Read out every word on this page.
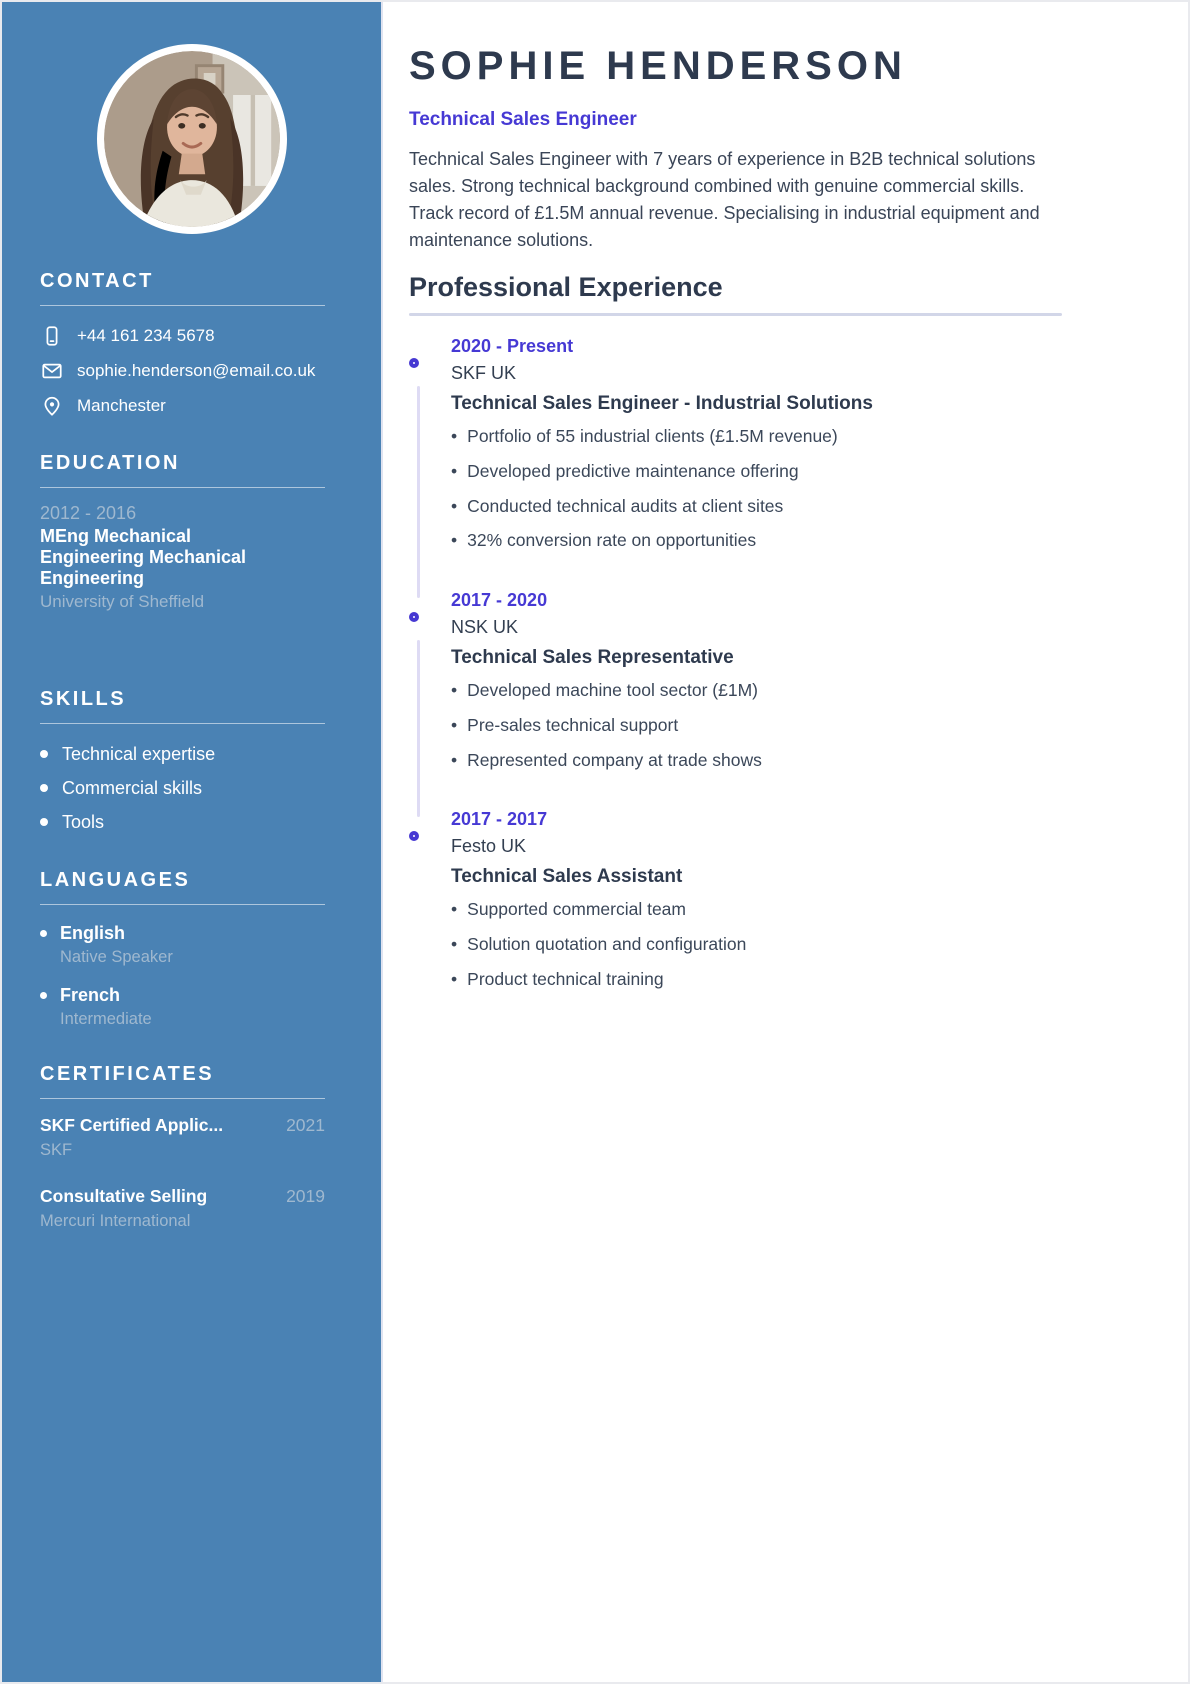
CONTACT
+44 161 234 5678
sophie.henderson@email.co.uk
Manchester
EDUCATION
2012 - 2016
MEng Mechanical Engineering Mechanical Engineering
University of Sheffield
SKILLS
Technical expertise
Commercial skills
Tools
LANGUAGES
English
Native Speaker
French
Intermediate
CERTIFICATES
SKF Certified Applic...	2021
SKF
Consultative Selling	2019
Mercuri International
SOPHIE HENDERSON
Technical Sales Engineer

Technical Sales Engineer with 7 years of experience in B2B technical solutions sales. Strong technical background combined with genuine commercial skills. Track record of £1.5M annual revenue. Specialising in industrial equipment and maintenance solutions.

Professional Experience
2020 - Present
SKF UK
Technical Sales Engineer - Industrial Solutions
• Portfolio of 55 industrial clients (£1.5M revenue)
• Developed predictive maintenance offering
• Conducted technical audits at client sites
• 32% conversion rate on opportunities
2017 - 2020
NSK UK
Technical Sales Representative
• Developed machine tool sector (£1M)
• Pre-sales technical support
• Represented company at trade shows
2017 - 2017
Festo UK
Technical Sales Assistant
• Supported commercial team
• Solution quotation and configuration
• Product technical training
